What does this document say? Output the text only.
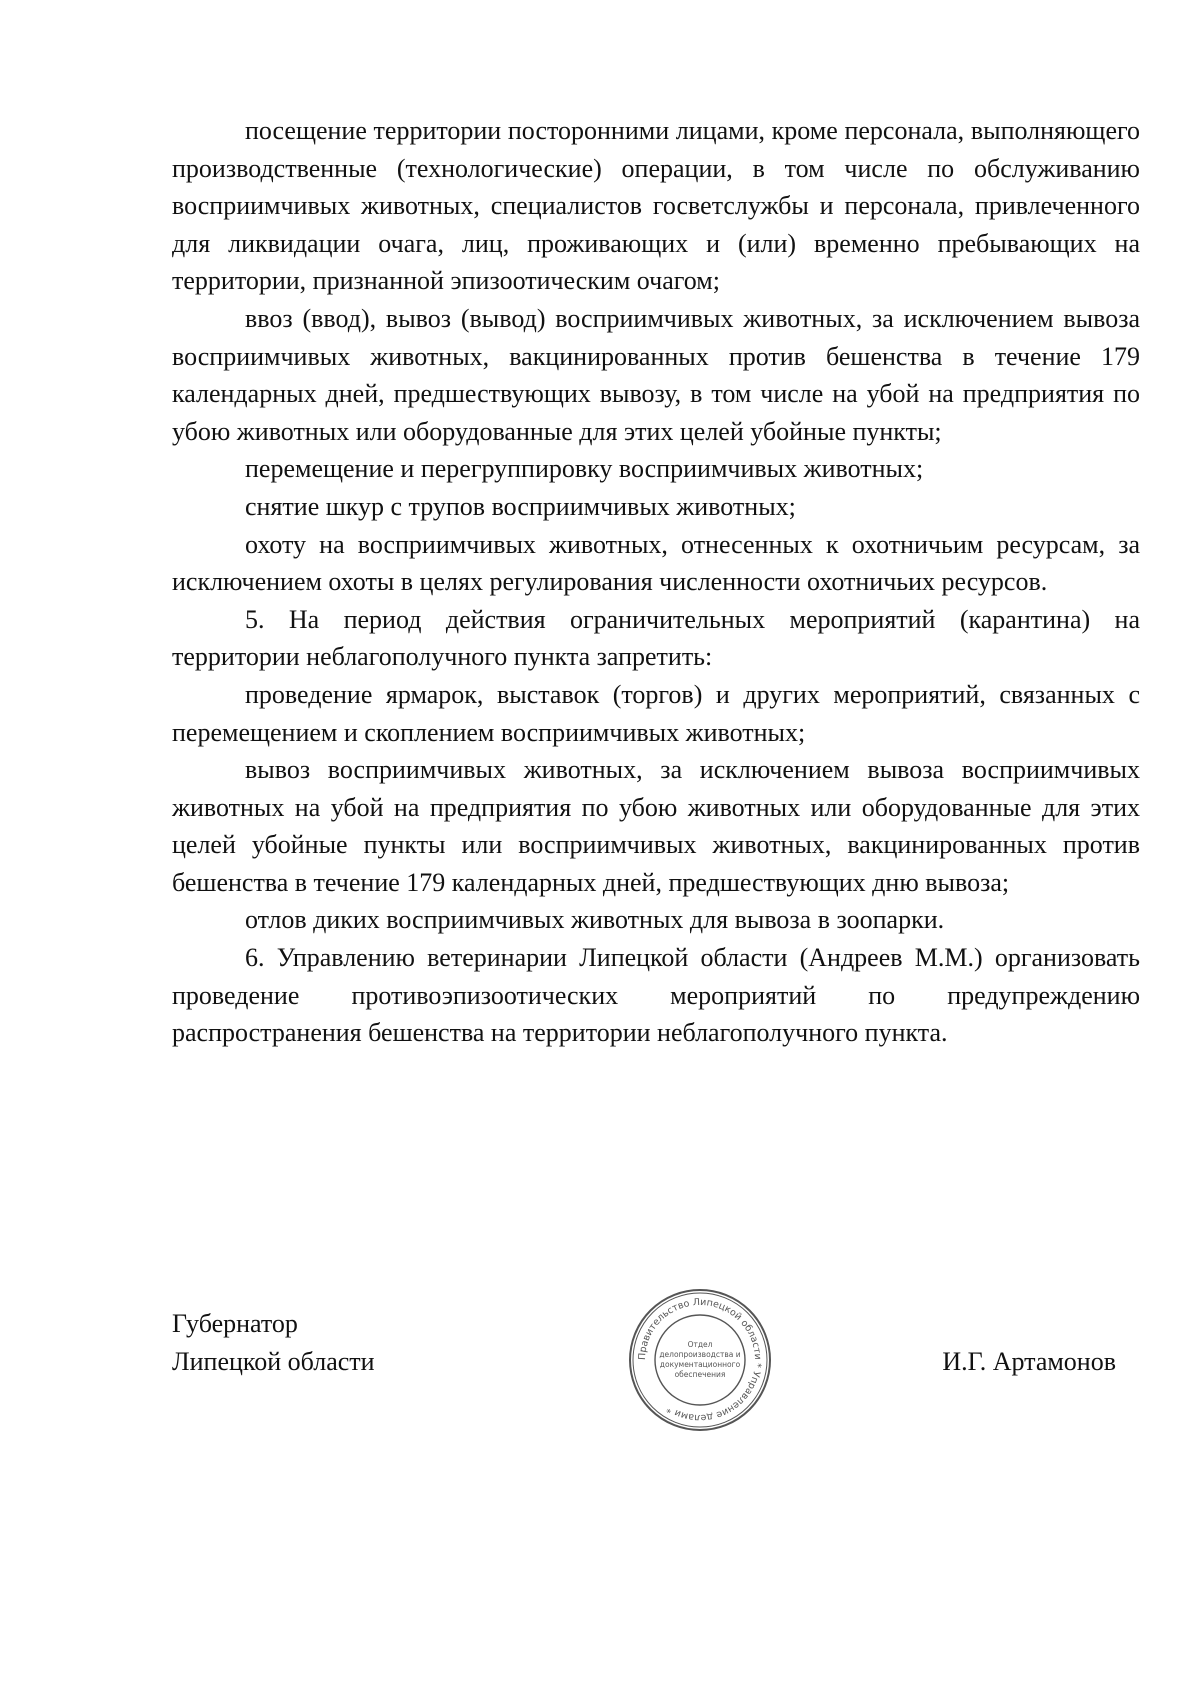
посещение территории посторонними лицами, кроме персонала, выполняющего производственные (технологические) операции, в том числе по обслуживанию восприимчивых животных, специалистов госветслужбы и персонала, привлеченного для ликвидации очага, лиц, проживающих и (или) временно пребывающих на территории, признанной эпизоотическим очагом;

ввоз (ввод), вывоз (вывод) восприимчивых животных, за исключением вывоза восприимчивых животных, вакцинированных против бешенства в течение 179 календарных дней, предшествующих вывозу, в том числе на убой на предприятия по убою животных или оборудованные для этих целей убойные пункты;

перемещение и перегруппировку восприимчивых животных;

снятие шкур с трупов восприимчивых животных;

охоту на восприимчивых животных, отнесенных к охотничьим ресурсам, за исключением охоты в целях регулирования численности охотничьих ресурсов.

5. На период действия ограничительных мероприятий (карантина) на территории неблагополучного пункта запретить:

проведение ярмарок, выставок (торгов) и других мероприятий, связанных с перемещением и скоплением восприимчивых животных;

вывоз восприимчивых животных, за исключением вывоза восприимчивых животных на убой на предприятия по убою животных или оборудованные для этих целей убойные пункты или восприимчивых животных, вакцинированных против бешенства в течение 179 календарных дней, предшествующих дню вывоза;

отлов диких восприимчивых животных для вывоза в зоопарки.

6. Управлению ветеринарии Липецкой области (Андреев М.М.) организовать проведение противоэпизоотических мероприятий по предупреждению распространения бешенства на территории неблагополучного пункта.

Губернатор
Липецкой области	Правительство Липецкой области * Управление делами *
Отдел
делопроизводства и
документационного
обеспечения	И.Г. Артамонов
